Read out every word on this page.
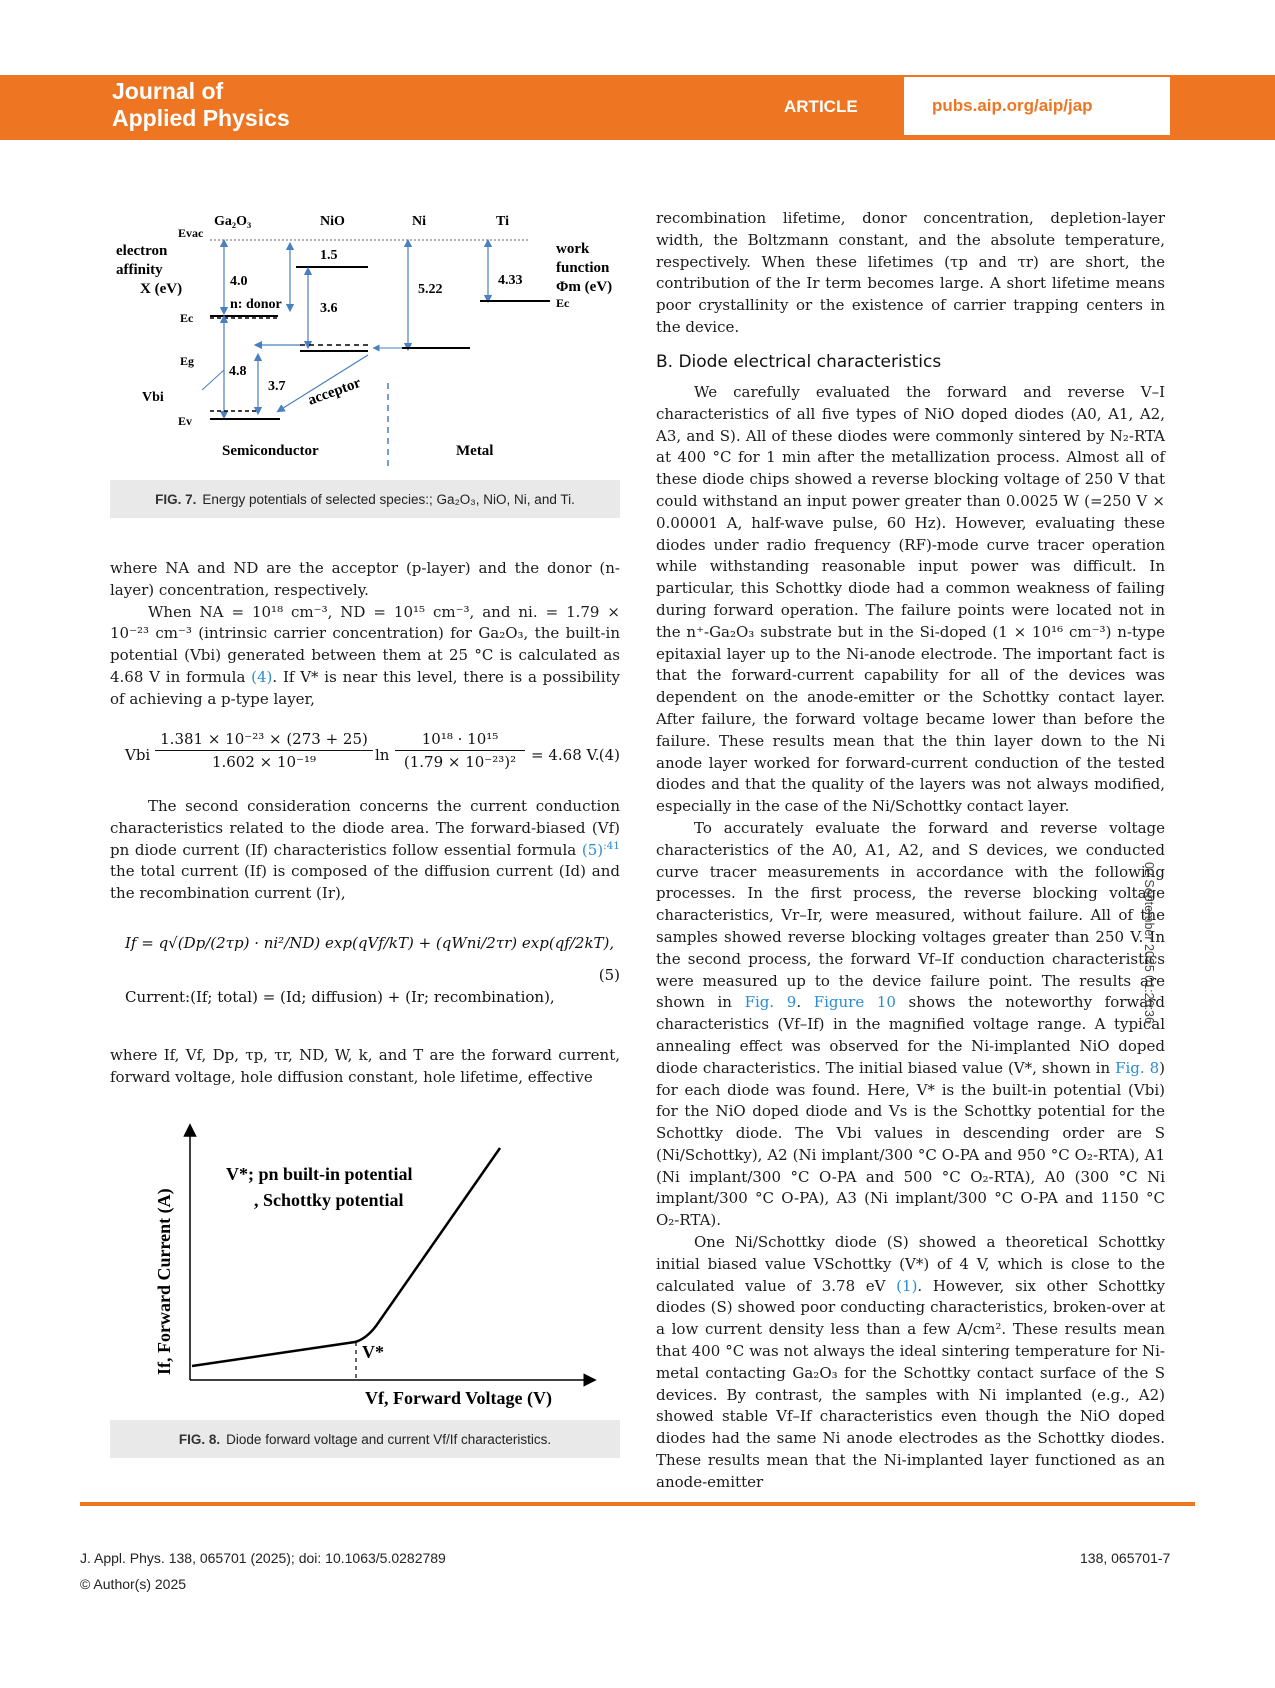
Journal of
Applied Physics	ARTICLE	pubs.aip.org/aip/jap
Ga₂O₃	NiO	Ni	Ti
Evac
electron
affinity
X (eV)
work
function
Φm (eV)
4.0
n: donor
Ec
Eg
4.8
Vbi
Ev
1.5
3.6
3.7 acceptor
5.22
4.33
Ec
Semiconductor	Metal
FIG. 7. Energy potentials of selected species:; Ga₂O₃, NiO, Ni, and Ti.

where NA and ND are the acceptor (p-layer) and the donor (n-layer) concentration, respectively.

When NA = 10¹⁸ cm⁻³, ND = 10¹⁵ cm⁻³, and ni. = 1.79 × 10⁻²³ cm⁻³ (intrinsic carrier concentration) for Ga₂O₃, the built-in potential (Vbi) generated between them at 25 °C is calculated as 4.68 V in formula (4). If V* is near this level, there is a possibility of achieving a p-type layer,

Vbi
1.381 × 10⁻²³ × (273 + 25)
1.602 × 10⁻¹⁹	ln
10¹⁸ · 10¹⁵
(1.79 × 10⁻²³)² = 4.68 V. (4)

The second consideration concerns the current conduction characteristics related to the diode area. The forward-biased (Vf) pn diode current (If) characteristics follow essential formula $(5)^{:41}$ the total current (If) is composed of the diffusion current (Id) and the recombination current (Ir),

If = q√(Dp/(2τp) · ni²/ND) exp(qVf/kT) + (qWni/2τr) exp(qf/2kT),
(5)
Current:(If; total) = (Id; diffusion) + (Ir; recombination),

where If, Vf, Dp, τp, τr, ND, W, k, and T are the forward current, forward voltage, hole diffusion constant, hole lifetime, effective

If, Forward Current (A)
Vf, Forward Voltage (V)
V*; pn built-in potential
, Schottky potential
V*
FIG. 8. Diode forward voltage and current Vf/If characteristics.

recombination lifetime, donor concentration, depletion-layer width, the Boltzmann constant, and the absolute temperature, respectively. When these lifetimes (τp and τr) are short, the contribution of the Ir term becomes large. A short lifetime means poor crystallinity or the existence of carrier trapping centers in the device.

B. Diode electrical characteristics

We carefully evaluated the forward and reverse V–I characteristics of all five types of NiO doped diodes (A0, A1, A2, A3, and S). All of these diodes were commonly sintered by N₂-RTA at 400 °C for 1 min after the metallization process. Almost all of these diode chips showed a reverse blocking voltage of 250 V that could withstand an input power greater than 0.0025 W (=250 V × 0.00001 A, half-wave pulse, 60 Hz). However, evaluating these diodes under radio frequency (RF)-mode curve tracer operation while withstanding reasonable input power was difficult. In particular, this Schottky diode had a common weakness of failing during forward operation. The failure points were located not in the n⁺-Ga₂O₃ substrate but in the Si-doped (1 × 10¹⁶ cm⁻³) n-type epitaxial layer up to the Ni-anode electrode. The important fact is that the forward-current capability for all of the devices was dependent on the anode-emitter or the Schottky contact layer. After failure, the forward voltage became lower than before the failure. These results mean that the thin layer down to the Ni anode layer worked for forward-current conduction of the tested diodes and that the quality of the layers was not always modified, especially in the case of the Ni/Schottky contact layer.

To accurately evaluate the forward and reverse voltage characteristics of the A0, A1, A2, and S devices, we conducted curve tracer measurements in accordance with the following processes. In the first process, the reverse blocking voltage characteristics, Vr–Ir, were measured, without failure. All of the samples showed reverse blocking voltages greater than 250 V. In the second process, the forward Vf–If conduction characteristics were measured up to the device failure point. The results are shown in Fig. 9. Figure 10 shows the noteworthy forward characteristics (Vf–If) in the magnified voltage range. A typical annealing effect was observed for the Ni-implanted NiO doped diode characteristics. The initial biased value (V*, shown in Fig. 8) for each diode was found. Here, V* is the built-in potential (Vbi) for the NiO doped diode and Vs is the Schottky potential for the Schottky diode. The Vbi values in descending order are S (Ni/Schottky), A2 (Ni implant/300 °C O-PA and 950 °C O₂-RTA), A1 (Ni implant/300 °C O-PA and 500 °C O₂-RTA), A0 (300 °C Ni implant/300 °C O-PA), A3 (Ni implant/300 °C O-PA and 1150 °C O₂-RTA).

One Ni/Schottky diode (S) showed a theoretical Schottky initial biased value VSchottky (V*) of 4 V, which is close to the calculated value of 3.78 eV (1). However, six other Schottky diodes (S) showed poor conducting characteristics, broken-over at a low current density less than a few A/cm². These results mean that 400 °C was not always the ideal sintering temperature for Ni-metal contacting Ga₂O₃ for the Schottky contact surface of the S devices. By contrast, the samples with Ni implanted (e.g., A2) showed stable Vf–If characteristics even though the NiO doped diodes had the same Ni anode electrodes as the Schottky diodes. These results mean that the Ni-implanted layer functioned as an anode-emitter

02 September 2025 01:26:36
J. Appl. Phys. 138, 065701 (2025); doi: 10.1063/5.0282789
© Author(s) 2025
138, 065701-7
